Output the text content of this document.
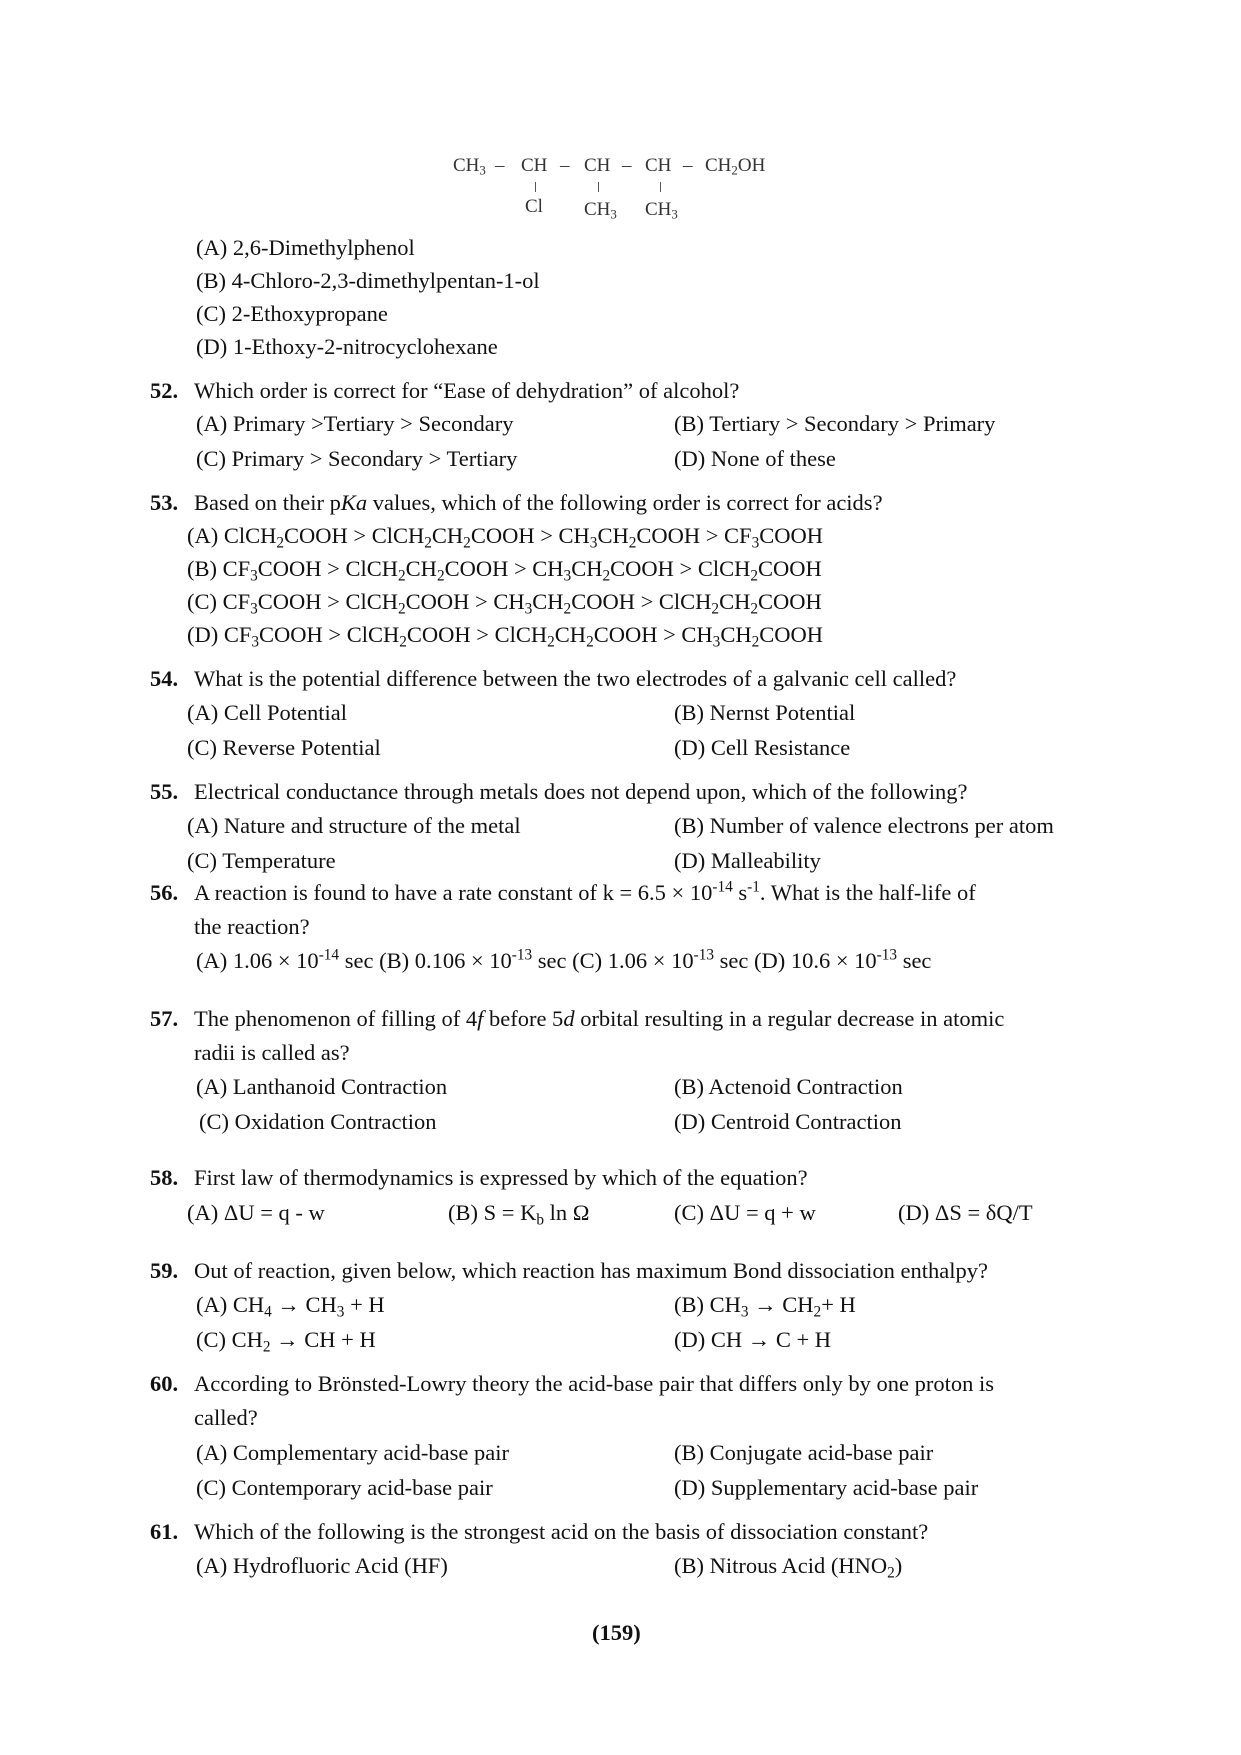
$CH_3$ – CH – CH – CH – $CH_2OH$
Cl $CH_3$ $CH_3$
(A) 2,6-Dimethylphenol
(B) 4-Chloro-2,3-dimethylpentan-1-ol
(C) 2-Ethoxypropane
(D) 1-Ethoxy-2-nitrocyclohexane
52. Which order is correct for “Ease of dehydration” of alcohol?
(A) Primary >Tertiary > Secondary	(B) Tertiary > Secondary > Primary
(C) Primary > Secondary > Tertiary	(D) None of these
53. Based on their pKa values, which of the following order is correct for acids?
(A) ClCH$_2$COOH > $ClCH_2CH_2COOH$ > $CH_3CH_2COOH$ > $CF_3COOH$
(B) $CF_3COOH$ > $ClCH_2CH_2COOH$ > $CH_3CH_2COOH$ > ClCH$_2$COOH
(C) $CF_3COOH$ > ClCH$_2$COOH > $CH_3CH_2COOH$ > $ClCH_2CH_2COOH$
(D) $CF_3COOH$ > ClCH$_2$COOH > $ClCH_2CH_2COOH$ > $CH_3CH_2COOH$
54. What is the potential difference between the two electrodes of a galvanic cell called?
(A) Cell Potential	(B) Nernst Potential
(C) Reverse Potential	(D) Cell Resistance
55. Electrical conductance through metals does not depend upon, which of the following?
(A) Nature and structure of the metal	(B) Number of valence electrons per atom
(C) Temperature	(D) Malleability
56. A reaction is found to have a rate constant of $k = 6.5 \times 10^{-14}$ $s^{-1}$. What is the half-life of
the reaction?
(A) $1.06 \times 10^{-14}$ sec (B) $0.106 \times 10^{-13}$ sec (C) $1.06 \times 10^{-13}$ sec (D) $10.6 \times 10^{-13}$ sec
57. The phenomenon of filling of 4f before 5d orbital resulting in a regular decrease in atomic
radii is called as?
(A) Lanthanoid Contraction	(B) Actenoid Contraction
(C) Oxidation Contraction	(D) Centroid Contraction
58. First law of thermodynamics is expressed by which of the equation?
(A) ΔU = q - w	(B) $S = K_b$ ln Ω	(C) ΔU = q + w	(D) ΔS = δQ/T
59. Out of reaction, given below, which reaction has maximum Bond dissociation enthalpy?
(A) $CH_4 \to CH_3 + H$	(B) $CH_3 \to CH_2+ H$
(C) $CH_2$ → CH + H	(D) CH → C + H
60. According to Brönsted-Lowry theory the acid-base pair that differs only by one proton is
called?
(A) Complementary acid-base pair	(B) Conjugate acid-base pair
(C) Contemporary acid-base pair	(D) Supplementary acid-base pair
61. Which of the following is the strongest acid on the basis of dissociation constant?
(A) Hydrofluoric Acid (HF)	(B) Nitrous Acid $(HNO_2)$
(159)
